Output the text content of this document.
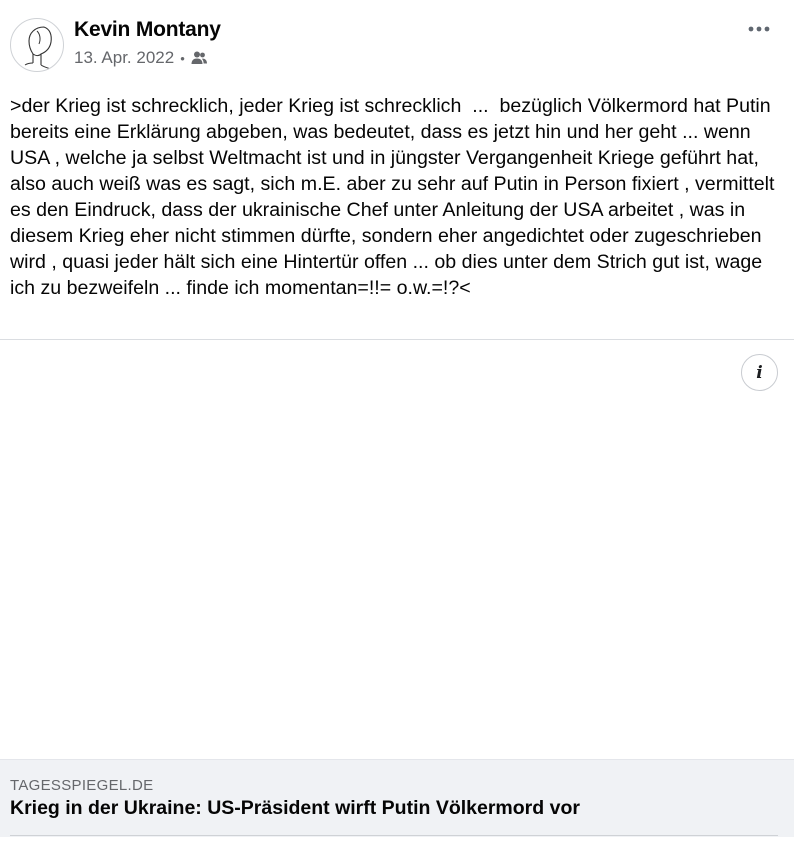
Kevin Montany
13. Apr. 2022 •
>der Krieg ist schrecklich, jeder Krieg ist schrecklich  ...  bezüglich Völkermord hat Putin bereits eine Erklärung abgeben, was bedeutet, dass es jetzt hin und her geht ... wenn USA , welche ja selbst Weltmacht ist und in jüngster Vergangenheit Kriege geführt hat,  also auch weiß was es sagt, sich m.E. aber zu sehr auf Putin in Person fixiert , vermittelt es den Eindruck, dass der ukrainische Chef unter Anleitung der USA arbeitet , was in diesem Krieg eher nicht stimmen dürfte, sondern eher angedichtet oder zugeschrieben wird , quasi jeder hält sich eine Hintertür offen ... ob dies unter dem Strich gut ist, wage ich zu bezweifeln ... finde ich momentan=!!= o.w.=!?<
i
TAGESSPIEGEL.DE
Krieg in der Ukraine: US-Präsident wirft Putin Völkermord vor
